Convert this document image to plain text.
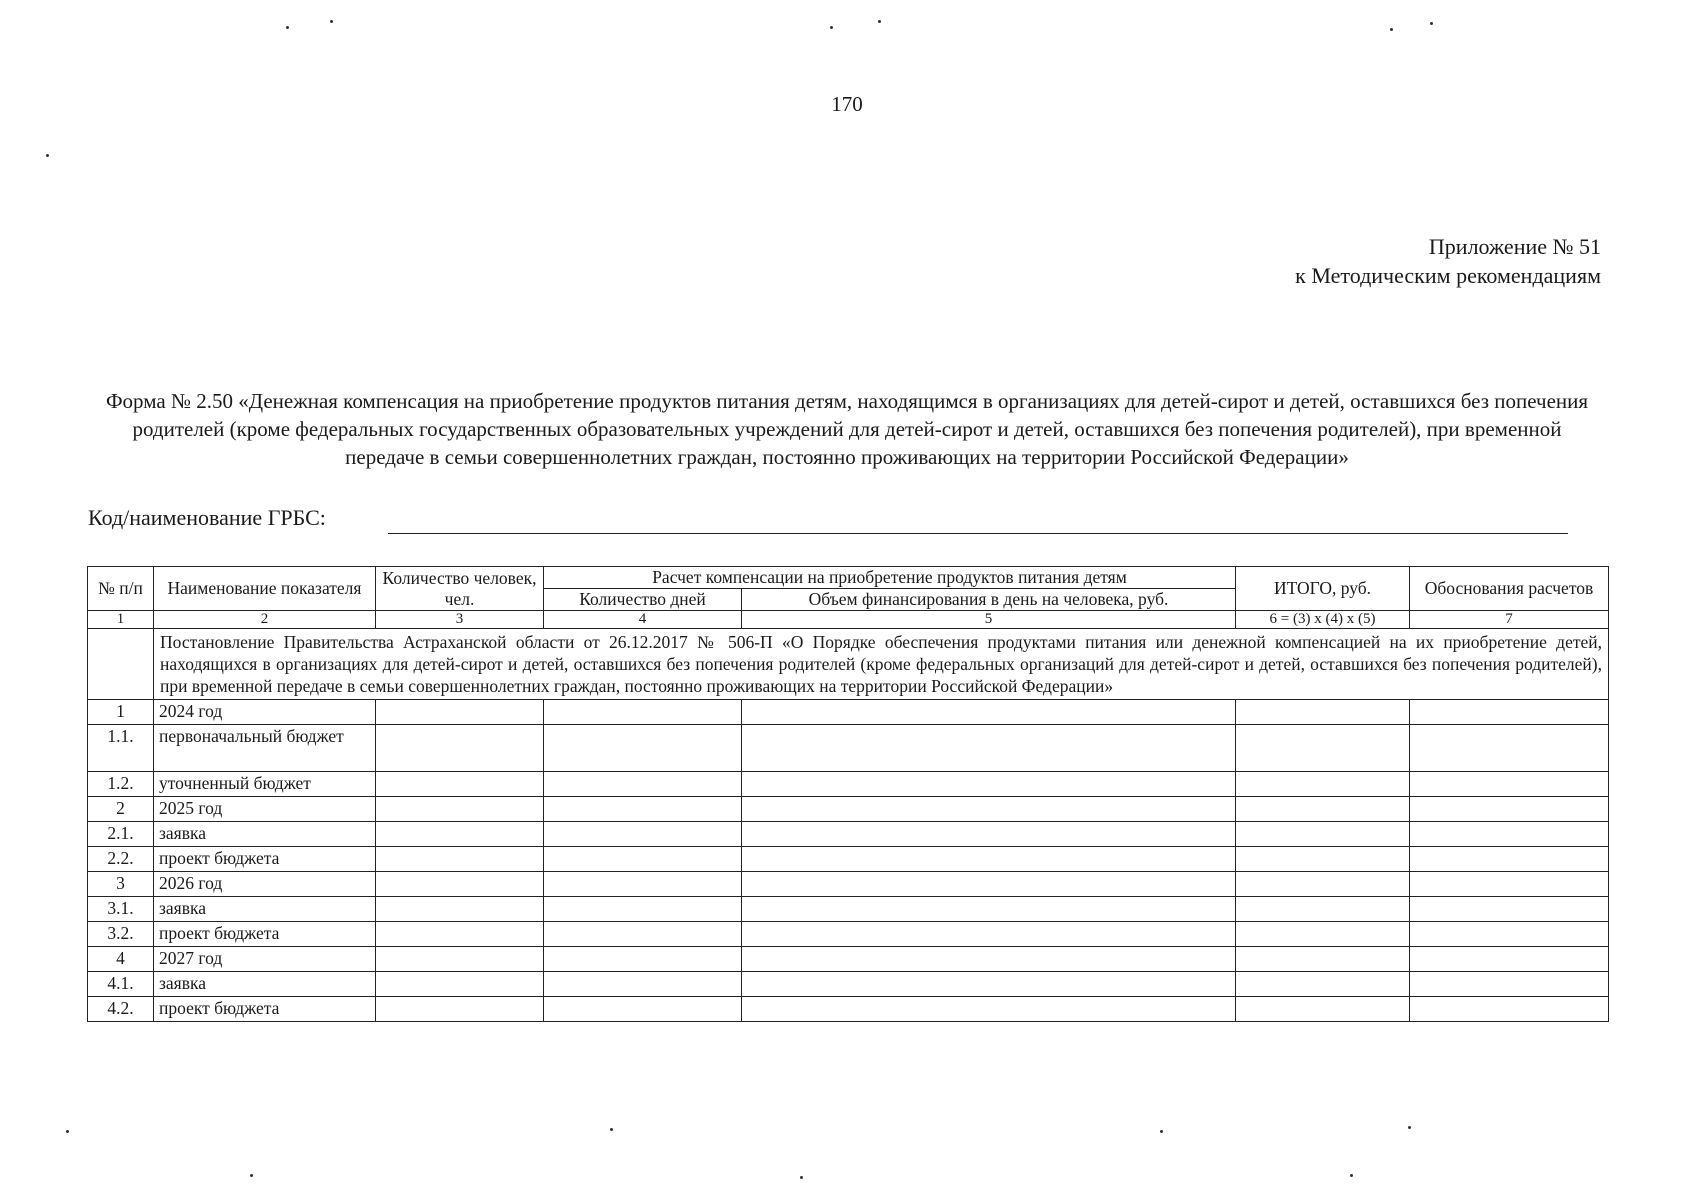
170
Приложение № 51
к Методическим рекомендациям
Форма № 2.50 «Денежная компенсация на приобретение продуктов питания детям, находящимся в организациях для детей-сирот и детей, оставшихся без попечения родителей (кроме федеральных государственных образовательных учреждений для детей-сирот и детей, оставшихся без попечения родителей), при временной передаче в семьи совершеннолетних граждан, постоянно проживающих на территории Российской Федерации»
Код/наименование ГРБС:
№ п/п	Наименование показателя	Количество человек, чел.	Расчет компенсации на приобретение продуктов питания детям		ИТОГО, руб.	Обоснования расчетов
			Количество дней	Объем финансирования в день на человека, руб.		
1	2	3	4	5	6 = (3) x (4) x (5)	7
	Постановление Правительства Астраханской области от 26.12.2017 № 506-П «О Порядке обеспечения продуктами питания или денежной компенсацией на их приобретение детей, находящихся в организациях для детей-сирот и детей, оставшихся без попечения родителей (кроме федеральных организаций для детей-сирот и детей, оставшихся без попечения родителей), при временной передаче в семьи совершеннолетних граждан, постоянно проживающих на территории Российской Федерации»					
1	2024 год					
1.1.	первоначальный бюджет					
1.2.	уточненный бюджет					
2	2025 год					
2.1.	заявка					
2.2.	проект бюджета					
3	2026 год					
3.1.	заявка					
3.2.	проект бюджета					
4	2027 год					
4.1.	заявка					
4.2.	проект бюджета					
